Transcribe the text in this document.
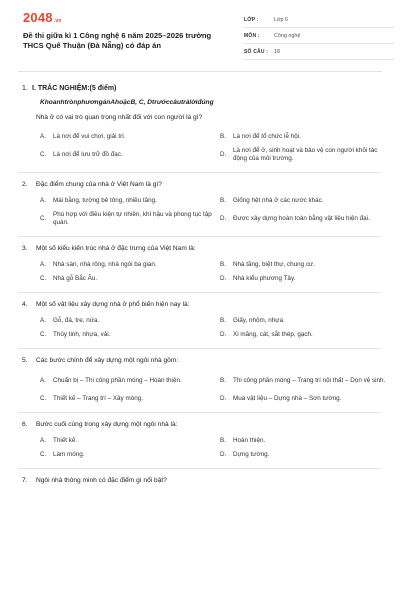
2048.vn
Đề thi giữa kì 1 Công nghệ 6 năm 2025–2026 trường THCS Quế Thuận (Đà Nẵng) có đáp án
LỚP :	Lớp 6
MÔN :	Công nghệ
SỐ CÂU :	18
1. I. TRẮC NGHIỆM:(5 điểm)
KhoanhtrònphươngánAhoặcB, C, Dtrướccâutrảlờiđúng
Nhà ở có vai trò quan trọng nhất đối với con người là gì?
A.	Là nơi để vui chơi, giải trí.	B.	Là nơi để tổ chức lễ hội.
C.	Là nơi để lưu trữ đồ đạc.	D.
Là nơi để ở, sinh hoạt và bảo vệ con người khỏi tác động của môi trường.
2.	Đặc điểm chung của nhà ở Việt Nam là gì?
A.	Mái bằng, tường bê tông, nhiều tầng.	B.	Giống hệt nhà ở các nước khác.
C.
Phù hợp với điều kiện tự nhiên, khí hậu và phong tục tập quán.
D.	Được xây dựng hoàn toàn bằng vật liệu hiện đại.
3.	Một số kiểu kiến trúc nhà ở đặc trưng của Việt Nam là:
A.	Nhà sàn, nhà rông, nhà ngói ba gian.	B.	Nhà tầng, biệt thự, chung cư.
C.	Nhà gỗ Bắc Âu.	D.	Nhà kiểu phương Tây.
4.	Một số vật liệu xây dựng nhà ở phổ biến hiện nay là:
A.	Gỗ, đá, tre, nứa.	B.	Giấy, nhôm, nhựa.
C.	Thủy tinh, nhựa, vải.	D.	Xi măng, cát, sắt thép, gạch.
5.	Các bước chính để xây dựng một ngôi nhà gồm:
A.	Chuẩn bị – Thi công phần móng – Hoàn thiện.	B.	Thi công phần móng – Trang trí nội thất – Dọn vệ sinh.
C.	Thiết kế – Trang trí – Xây móng.	D.	Mua vật liệu – Dựng nhà – Sơn tường.
6.	Bước cuối cùng trong xây dựng một ngôi nhà là:
A.	Thiết kế.	B.	Hoàn thiện.
C.	Làm móng.	D.	Dựng tường.
7.	Ngôi nhà thông minh có đặc điểm gì nổi bật?
